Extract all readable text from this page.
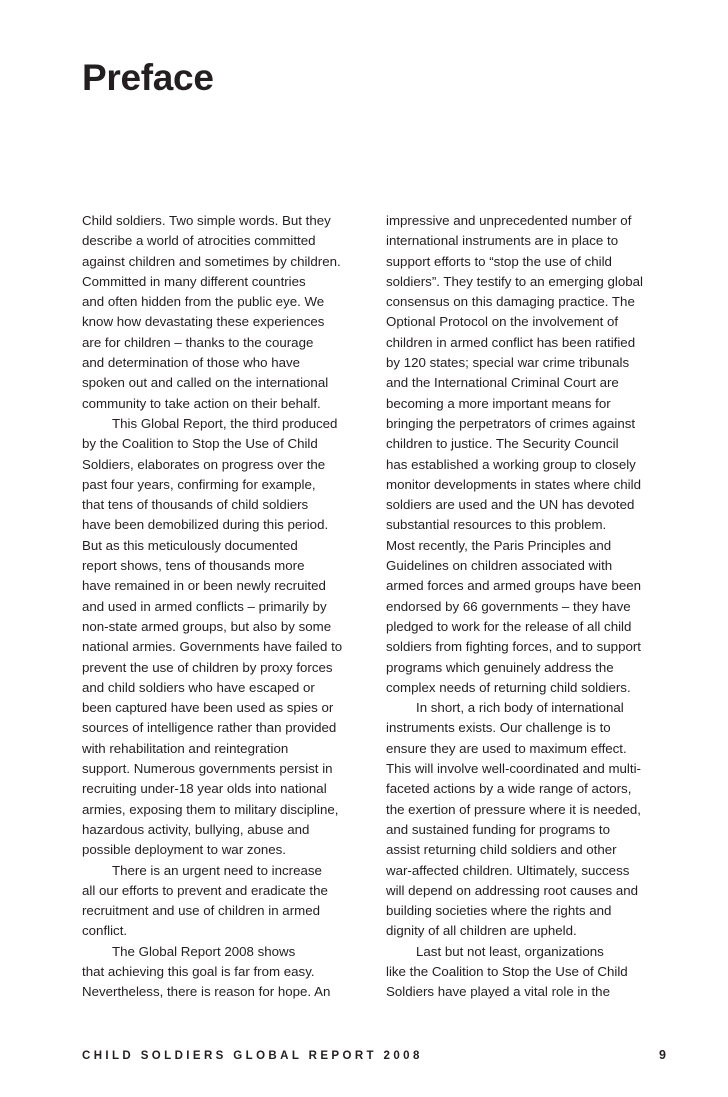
Preface
Child soldiers. Two simple words. But they
describe a world of atrocities committed
against children and sometimes by children.
Committed in many different countries
and often hidden from the public eye. We
know how devastating these experiences
are for children – thanks to the courage
and determination of those who have
spoken out and called on the international
community to take action on their behalf.
This Global Report, the third produced
by the Coalition to Stop the Use of Child
Soldiers, elaborates on progress over the
past four years, confirming for example,
that tens of thousands of child soldiers
have been demobilized during this period.
But as this meticulously documented
report shows, tens of thousands more
have remained in or been newly recruited
and used in armed conflicts – primarily by
non-state armed groups, but also by some
national armies. Governments have failed to
prevent the use of children by proxy forces
and child soldiers who have escaped or
been captured have been used as spies or
sources of intelligence rather than provided
with rehabilitation and reintegration
support. Numerous governments persist in
recruiting under-18 year olds into national
armies, exposing them to military discipline,
hazardous activity, bullying, abuse and
possible deployment to war zones.
There is an urgent need to increase
all our efforts to prevent and eradicate the
recruitment and use of children in armed
conflict.
The Global Report 2008 shows
that achieving this goal is far from easy.
Nevertheless, there is reason for hope. An
impressive and unprecedented number of
international instruments are in place to
support efforts to “stop the use of child
soldiers”. They testify to an emerging global
consensus on this damaging practice. The
Optional Protocol on the involvement of
children in armed conflict has been ratified
by 120 states; special war crime tribunals
and the International Criminal Court are
becoming a more important means for
bringing the perpetrators of crimes against
children to justice. The Security Council
has established a working group to closely
monitor developments in states where child
soldiers are used and the UN has devoted
substantial resources to this problem.
Most recently, the Paris Principles and
Guidelines on children associated with
armed forces and armed groups have been
endorsed by 66 governments – they have
pledged to work for the release of all child
soldiers from fighting forces, and to support
programs which genuinely address the
complex needs of returning child soldiers.
In short, a rich body of international
instruments exists. Our challenge is to
ensure they are used to maximum effect.
This will involve well-coordinated and multi-
faceted actions by a wide range of actors,
the exertion of pressure where it is needed,
and sustained funding for programs to
assist returning child soldiers and other
war-affected children. Ultimately, success
will depend on addressing root causes and
building societies where the rights and
dignity of all children are upheld.
Last but not least, organizations
like the Coalition to Stop the Use of Child
Soldiers have played a vital role in the
CHILD SOLDIERS GLOBAL REPORT 2008	9
